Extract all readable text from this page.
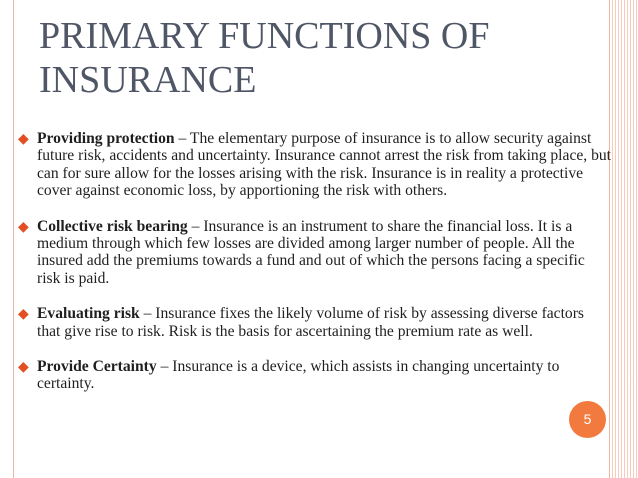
PRIMARY FUNCTIONS OF INSURANCE
◆ Providing protection – The elementary purpose of insurance is to allow security against future risk, accidents and uncertainty. Insurance cannot arrest the risk from taking place, but can for sure allow for the losses arising with the risk. Insurance is in reality a protective cover against economic loss, by apportioning the risk with others.
◆ Collective risk bearing – Insurance is an instrument to share the financial loss. It is a medium through which few losses are divided among larger number of people. All the insured add the premiums towards a fund and out of which the persons facing a specific risk is paid.
◆ Evaluating risk – Insurance fixes the likely volume of risk by assessing diverse factors that give rise to risk. Risk is the basis for ascertaining the premium rate as well.
◆ Provide Certainty – Insurance is a device, which assists in changing uncertainty to certainty.
5
